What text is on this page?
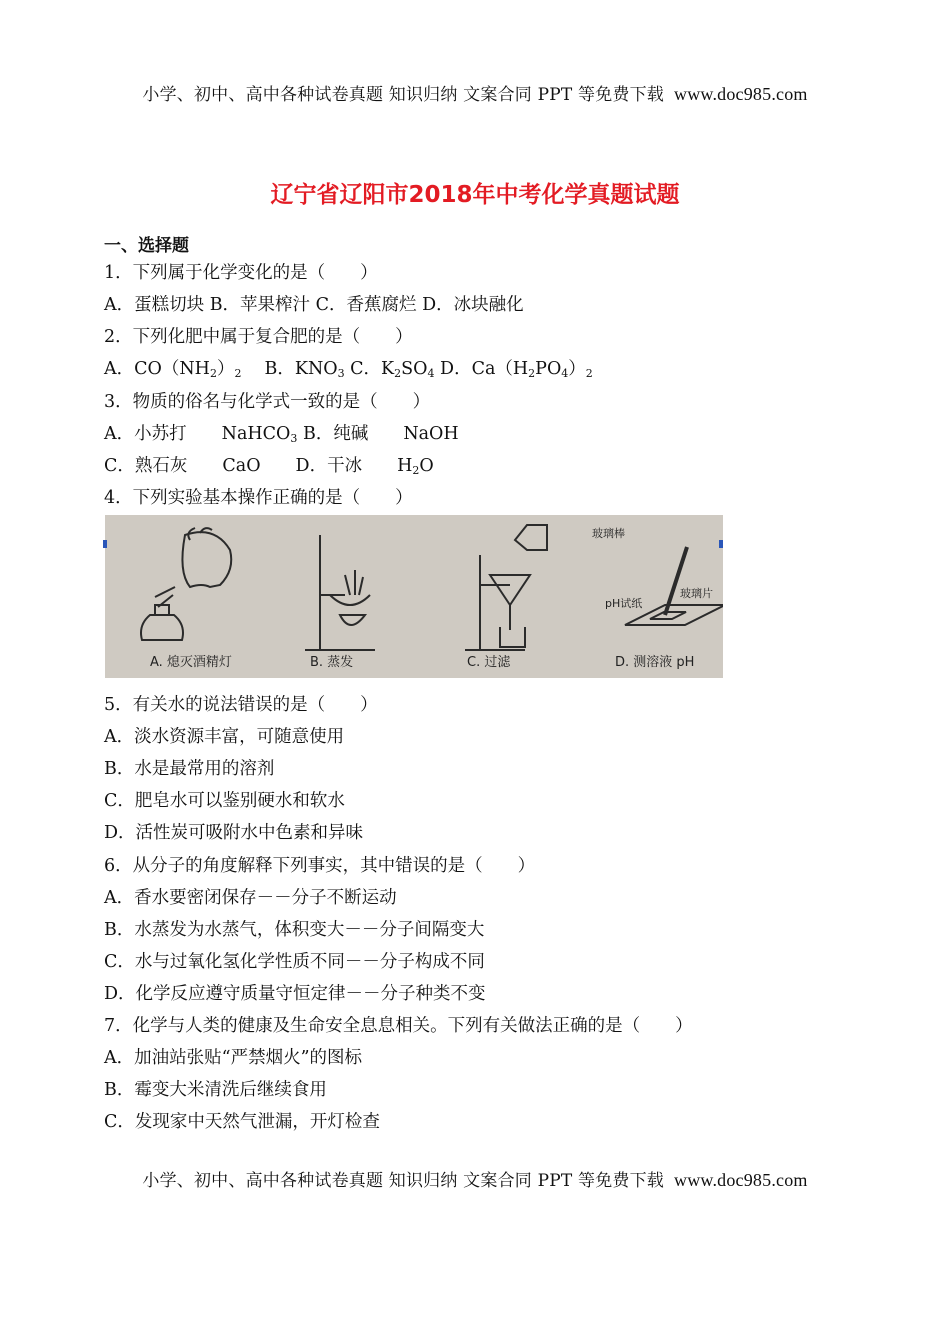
小学、初中、高中各种试卷真题 知识归纳 文案合同 PPT 等免费下载 www.doc985.com
辽宁省辽阳市2018年中考化学真题试题
一、选择题
1．下列属于化学变化的是（　　）
A．蛋糕切块 B．苹果榨汁 C．香蕉腐烂 D．冰块融化
2．下列化肥中属于复合肥的是（　　）
A．$CO(NH_2)_2$　 B．$KNO_3$ C．$K_2SO_4$ D．$Ca(H_2PO_4)_2$
3．物质的俗名与化学式一致的是（　　）
A．小苏打　　NaHCO$_3$ B．纯碱　　NaOH
C．熟石灰　　CaO　　D．干冰　　$H_2O$
4．下列实验基本操作正确的是（　　）
玻璃棒
玻璃片
pH试纸
A. 熄灭酒精灯	B. 蒸发	C. 过滤	D. 测溶液 pH
5．有关水的说法错误的是（　　）
A．淡水资源丰富，可随意使用
B．水是最常用的溶剂
C．肥皂水可以鉴别硬水和软水
D．活性炭可吸附水中色素和异味
6．从分子的角度解释下列事实，其中错误的是（　　）
A．香水要密闭保存－－分子不断运动
B．水蒸发为水蒸气，体积变大－－分子间隔变大
C．水与过氧化氢化学性质不同－－分子构成不同
D．化学反应遵守质量守恒定律－－分子种类不变
7．化学与人类的健康及生命安全息息相关。下列有关做法正确的是（　　）
A．加油站张贴“严禁烟火”的图标
B．霉变大米清洗后继续食用
C．发现家中天然气泄漏，开灯检查
小学、初中、高中各种试卷真题 知识归纳 文案合同 PPT 等免费下载 www.doc985.com
